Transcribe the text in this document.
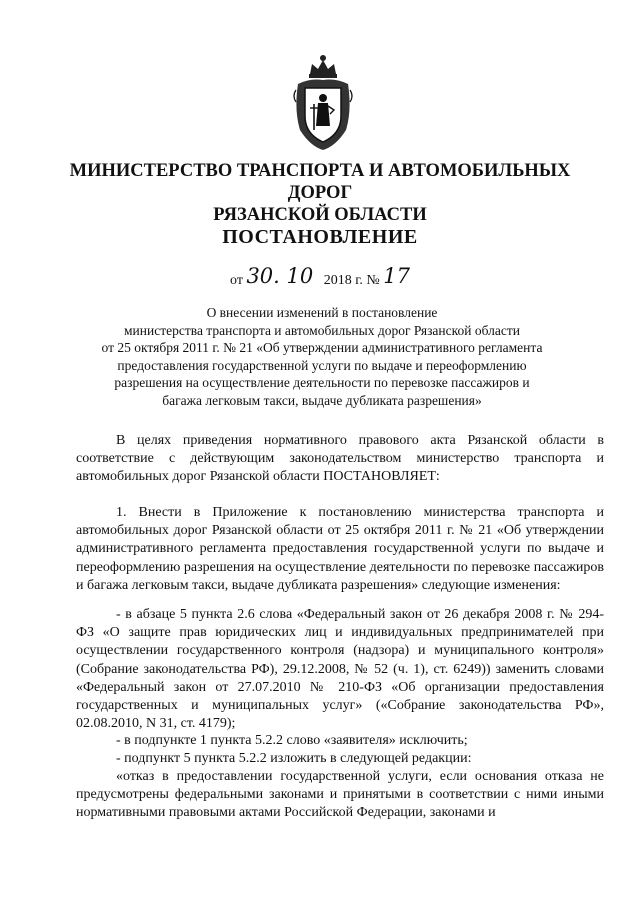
МИНИСТЕРСТВО ТРАНСПОРТА И АВТОМОБИЛЬНЫХ ДОРОГ
РЯЗАНСКОЙ ОБЛАСТИ
ПОСТАНОВЛЕНИЕ
от 30. 10 2018 г. № 17
О внесении изменений в постановление
министерства транспорта и автомобильных дорог Рязанской области
от 25 октября 2011 г. № 21 «Об утверждении административного регламента
предоставления государственной услуги по выдаче и переоформлению
разрешения на осуществление деятельности по перевозке пассажиров и
багажа легковым такси, выдаче дубликата разрешения»

В целях приведения нормативного правового акта Рязанской области в соответствие с действующим законодательством министерство транспорта и автомобильных дорог Рязанской области ПОСТАНОВЛЯЕТ:

1. Внести в Приложение к постановлению министерства транспорта и автомобильных дорог Рязанской области от 25 октября 2011 г. № 21 «Об утверждении административного регламента предоставления государственной услуги по выдаче и переоформлению разрешения на осуществление деятельности по перевозке пассажиров и багажа легковым такси, выдаче дубликата разрешения» следующие изменения:

- в абзаце 5 пункта 2.6 слова «Федеральный закон от 26 декабря 2008 г. № 294-ФЗ «О защите прав юридических лиц и индивидуальных предпринимателей при осуществлении государственного контроля (надзора) и муниципального контроля» (Собрание законодательства РФ), 29.12.2008, № 52 (ч. 1), ст. 6249)) заменить словами «Федеральный закон от 27.07.2010 № 210-ФЗ «Об организации предоставления государственных и муниципальных услуг» («Собрание законодательства РФ», 02.08.2010, N 31, ст. 4179);

- в подпункте 1 пункта 5.2.2 слово «заявителя» исключить;

- подпункт 5 пункта 5.2.2 изложить в следующей редакции:

«отказ в предоставлении государственной услуги, если основания отказа не предусмотрены федеральными законами и принятыми в соответствии с ними иными нормативными правовыми актами Российской Федерации, законами и
